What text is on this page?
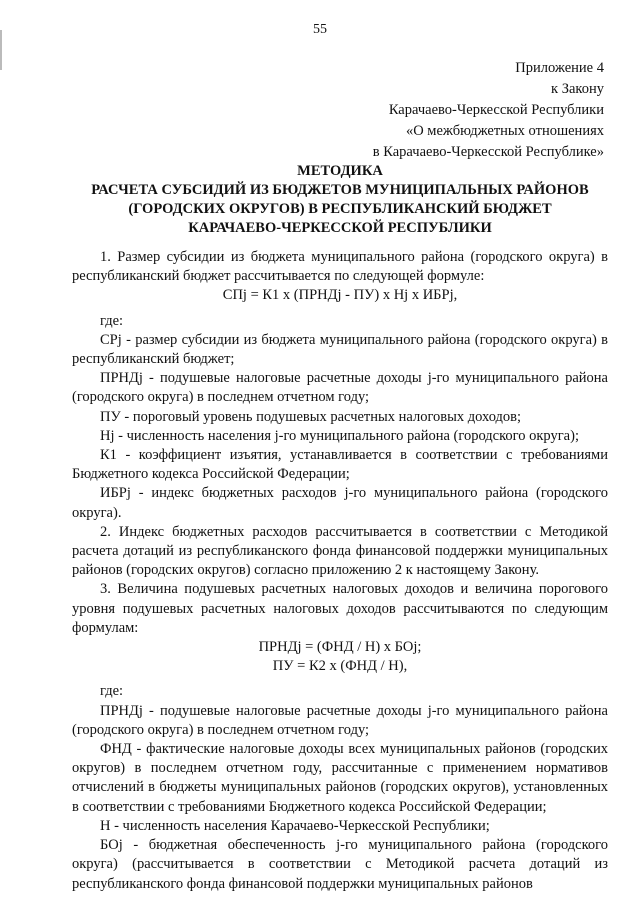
55
Приложение 4
к Закону
Карачаево-Черкесской Республики
«О межбюджетных отношениях
в Карачаево-Черкесской Республике»
МЕТОДИКА
РАСЧЕТА СУБСИДИЙ ИЗ БЮДЖЕТОВ МУНИЦИПАЛЬНЫХ РАЙОНОВ
(ГОРОДСКИХ ОКРУГОВ) В РЕСПУБЛИКАНСКИЙ БЮДЖЕТ
КАРАЧАЕВО-ЧЕРКЕССКОЙ РЕСПУБЛИКИ

1. Размер субсидии из бюджета муниципального района (городского округа) в республиканский бюджет рассчитывается по следующей формуле:

СПj = К1 х (ПРНДj - ПУ) х Нj х ИБРj,

где:

СРj - размер субсидии из бюджета муниципального района (городского округа) в республиканский бюджет;

ПРНДj - подушевые налоговые расчетные доходы j-го муниципального района (городского округа) в последнем отчетном году;

ПУ - пороговый уровень подушевых расчетных налоговых доходов;

Нj - численность населения j-го муниципального района (городского округа);

К1 - коэффициент изъятия, устанавливается в соответствии с требованиями Бюджетного кодекса Российской Федерации;

ИБРj - индекс бюджетных расходов j-го муниципального района (городского округа).

2. Индекс бюджетных расходов рассчитывается в соответствии с Методикой расчета дотаций из республиканского фонда финансовой поддержки муниципальных районов (городских округов) согласно приложению 2 к настоящему Закону.

3. Величина подушевых расчетных налоговых доходов и величина порогового уровня подушевых расчетных налоговых доходов рассчитываются по следующим формулам:

ПРНДj = (ФНД / Н) х БОj;

ПУ = К2 х (ФНД / Н),

где:

ПРНДj - подушевые налоговые расчетные доходы j-го муниципального района (городского округа) в последнем отчетном году;

ФНД - фактические налоговые доходы всех муниципальных районов (городских округов) в последнем отчетном году, рассчитанные с применением нормативов отчислений в бюджеты муниципальных районов (городских округов), установленных в соответствии с требованиями Бюджетного кодекса Российской Федерации;

Н - численность населения Карачаево-Черкесской Республики;

БОj - бюджетная обеспеченность j-го муниципального района (городского округа) (рассчитывается в соответствии с Методикой расчета дотаций из республиканского фонда финансовой поддержки муниципальных районов
